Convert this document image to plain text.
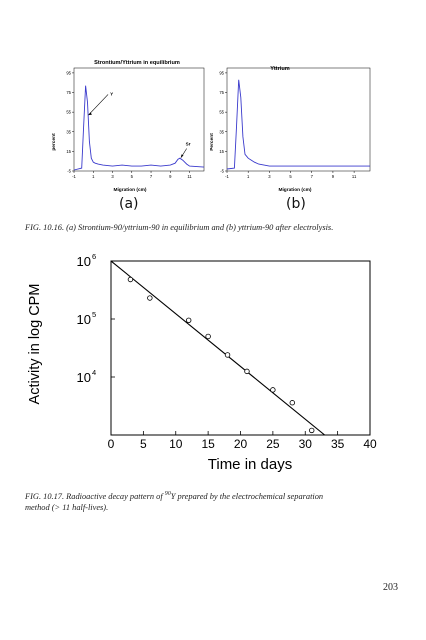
Strontium/Yttrium in equilibrium
-1	1	3	5	7	9	11
-5
15
35
55
75
95
Y
Sr
Migration (cm)
percent
Yttrium
-1	1	3	5	7	9	11
-5
15
35
55
75
95
Migration (cm)
Percent
(a)	(b)
FIG. 10.16. (a) Strontium-90/yttrium-90 in equilibrium and (b) yttrium-90 after electrolysis.
0 5 10 15 20 25 30 35 40
10 6
10 5
10 4
Time in days
Activity in log CPM
FIG. 10.17. Radioactive decay pattern of $^{90}$Y prepared by the electrochemical separation
method (> 11 half-lives).
203
